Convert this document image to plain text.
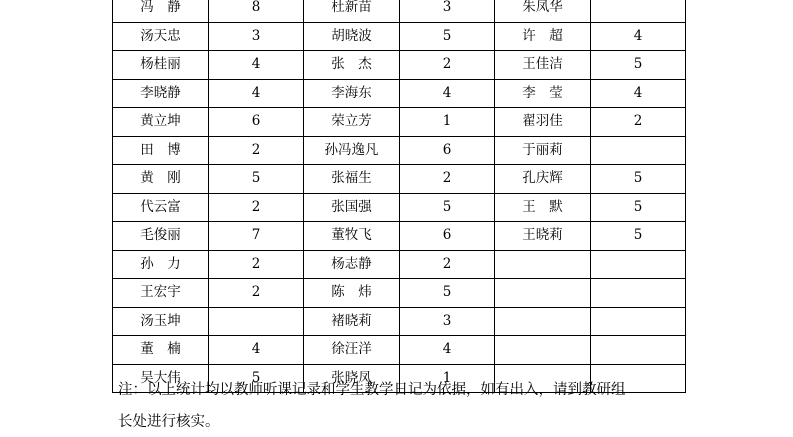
冯　静	8	杜新苗	3	朱凤华	
汤天忠	3	胡晓波	5	许　超	4
杨桂丽	4	张　杰	2	王佳洁	5
李晓静	4	李海东	4	李　莹	4
黄立坤	6	荣立芳	1	翟羽佳	2
田　博	2	孙冯逸凡	6	于丽莉	
黄　刚	5	张福生	2	孔庆辉	5
代云富	2	张国强	5	王　默	5
毛俊丽	7	董牧飞	6	王晓莉	5
孙　力	2	杨志静	2		
王宏宇	2	陈　炜	5		
汤玉坤		褚晓莉	3		
董　楠	4	徐汪洋	4		
吴大伟	5	张晓凤	1		
注：以上统计均以教师听课记录和学生教学日记为依据，如有出入，请到教研组
长处进行核实。
